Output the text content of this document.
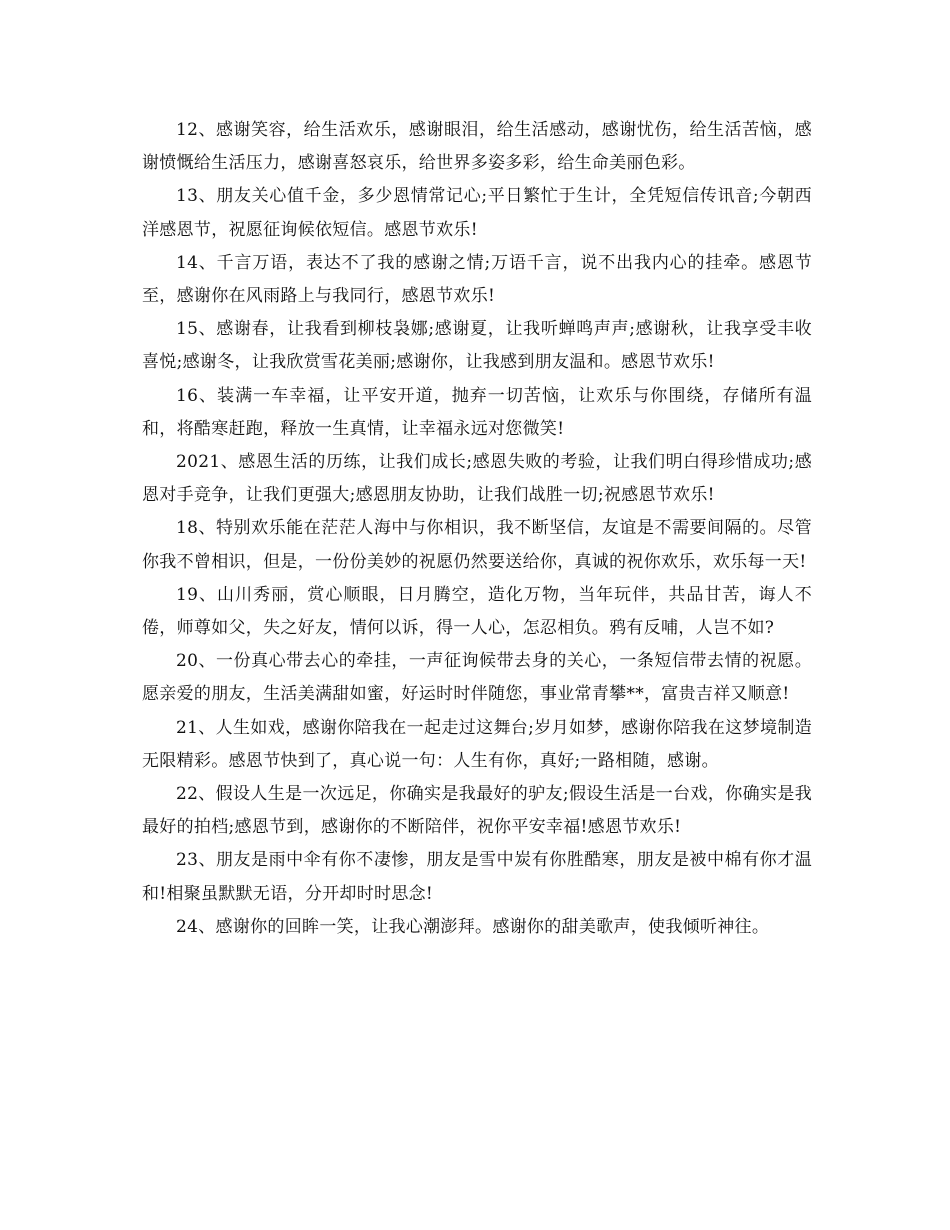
12、感谢笑容，给生活欢乐，感谢眼泪，给生活感动，感谢忧伤，给生活苦恼，感谢愤慨给生活压力，感谢喜怒哀乐，给世界多姿多彩，给生命美丽色彩。

13、朋友关心值千金，多少恩情常记心;平日繁忙于生计，全凭短信传讯音;今朝西洋感恩节，祝愿征询候依短信。感恩节欢乐!

14、千言万语，表达不了我的感谢之情;万语千言，说不出我内心的挂牵。感恩节至，感谢你在风雨路上与我同行，感恩节欢乐!

15、感谢春，让我看到柳枝袅娜;感谢夏，让我听蝉鸣声声;感谢秋，让我享受丰收喜悦;感谢冬，让我欣赏雪花美丽;感谢你，让我感到朋友温和。感恩节欢乐!

16、装满一车幸福，让平安开道，抛弃一切苦恼，让欢乐与你围绕，存储所有温和，将酷寒赶跑，释放一生真情，让幸福永远对您微笑!

2021、感恩生活的历练，让我们成长;感恩失败的考验，让我们明白得珍惜成功;感恩对手竞争，让我们更强大;感恩朋友协助，让我们战胜一切;祝感恩节欢乐!

18、特别欢乐能在茫茫人海中与你相识，我不断坚信，友谊是不需要间隔的。尽管你我不曾相识，但是，一份份美妙的祝愿仍然要送给你，真诚的祝你欢乐，欢乐每一天!

19、山川秀丽，赏心顺眼，日月腾空，造化万物，当年玩伴，共品甘苦，诲人不倦，师尊如父，失之好友，情何以诉，得一人心，怎忍相负。鸦有反哺，人岂不如?

20、一份真心带去心的牵挂，一声征询候带去身的关心，一条短信带去情的祝愿。愿亲爱的朋友，生活美满甜如蜜，好运时时伴随您，事业常青攀**，富贵吉祥又顺意!

21、人生如戏，感谢你陪我在一起走过这舞台;岁月如梦，感谢你陪我在这梦境制造无限精彩。感恩节快到了，真心说一句：人生有你，真好;一路相随，感谢。

22、假设人生是一次远足，你确实是我最好的驴友;假设生活是一台戏，你确实是我最好的拍档;感恩节到，感谢你的不断陪伴，祝你平安幸福!感恩节欢乐!

23、朋友是雨中伞有你不凄惨，朋友是雪中炭有你胜酷寒，朋友是被中棉有你才温和!相聚虽默默无语，分开却时时思念!

24、感谢你的回眸一笑，让我心潮澎拜。感谢你的甜美歌声，使我倾听神往。
